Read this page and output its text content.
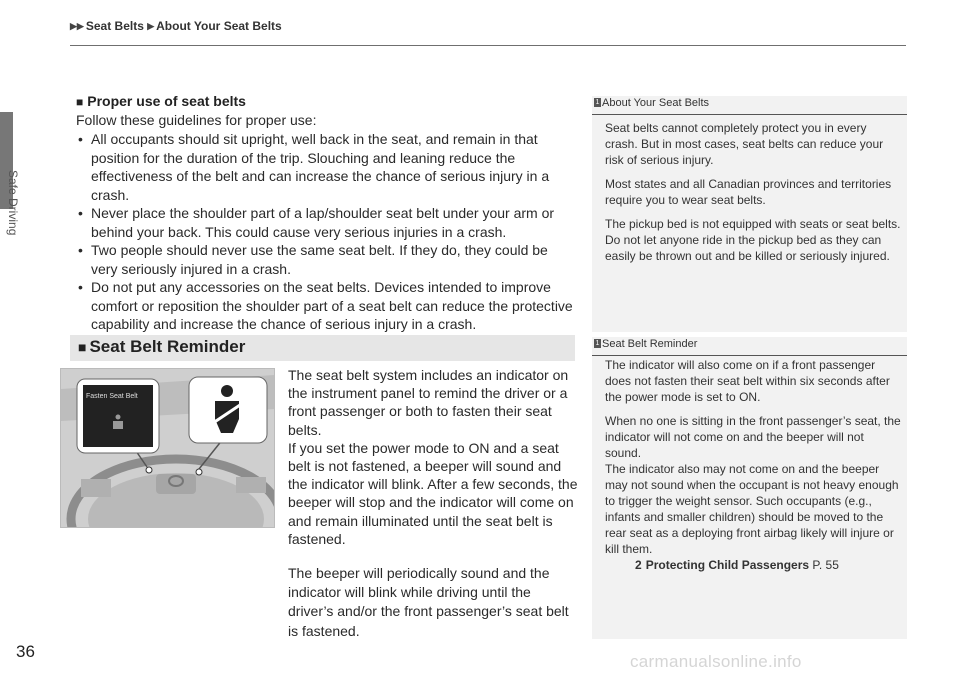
▶▶ Seat Belts ▶ About Your Seat Belts
Safe Driving
■ Proper use of seat belts
Follow these guidelines for proper use:
• All occupants should sit upright, well back in the seat, and remain in that position for the duration of the trip. Slouching and leaning reduce the effectiveness of the belt and can increase the chance of serious injury in a crash.
• Never place the shoulder part of a lap/shoulder seat belt under your arm or behind your back. This could cause very serious injuries in a crash.
• Two people should never use the same seat belt. If they do, they could be very seriously injured in a crash.
• Do not put any accessories on the seat belts. Devices intended to improve comfort or reposition the shoulder part of a seat belt can reduce the protective capability and increase the chance of serious injury in a crash.
■ Seat Belt Reminder
Fasten Seat Belt

The seat belt system includes an indicator on the instrument panel to remind the driver or a front passenger or both to fasten their seat belts.

If you set the power mode to ON and a seat belt is not fastened, a beeper will sound and the indicator will blink. After a few seconds, the beeper will stop and the indicator will come on and remain illuminated until the seat belt is fastened.

The beeper will periodically sound and the indicator will blink while driving until the driver’s and/or the front passenger’s seat belt is fastened.

1 About Your Seat Belts

Seat belts cannot completely protect you in every crash. But in most cases, seat belts can reduce your risk of serious injury.

Most states and all Canadian provinces and territories require you to wear seat belts.

The pickup bed is not equipped with seats or seat belts. Do not let anyone ride in the pickup bed as they can easily be thrown out and be killed or seriously injured.

1 Seat Belt Reminder

The indicator will also come on if a front passenger does not fasten their seat belt within six seconds after the power mode is set to ON.

When no one is sitting in the front passenger’s seat, the indicator will not come on and the beeper will not sound.
The indicator also may not come on and the beeper may not sound when the occupant is not heavy enough to trigger the weight sensor. Such occupants (e.g., infants and smaller children) should be moved to the rear seat as a deploying front airbag likely will injure or kill them.

2 Protecting Child Passengers P. 55
36
carmanualsonline.info
